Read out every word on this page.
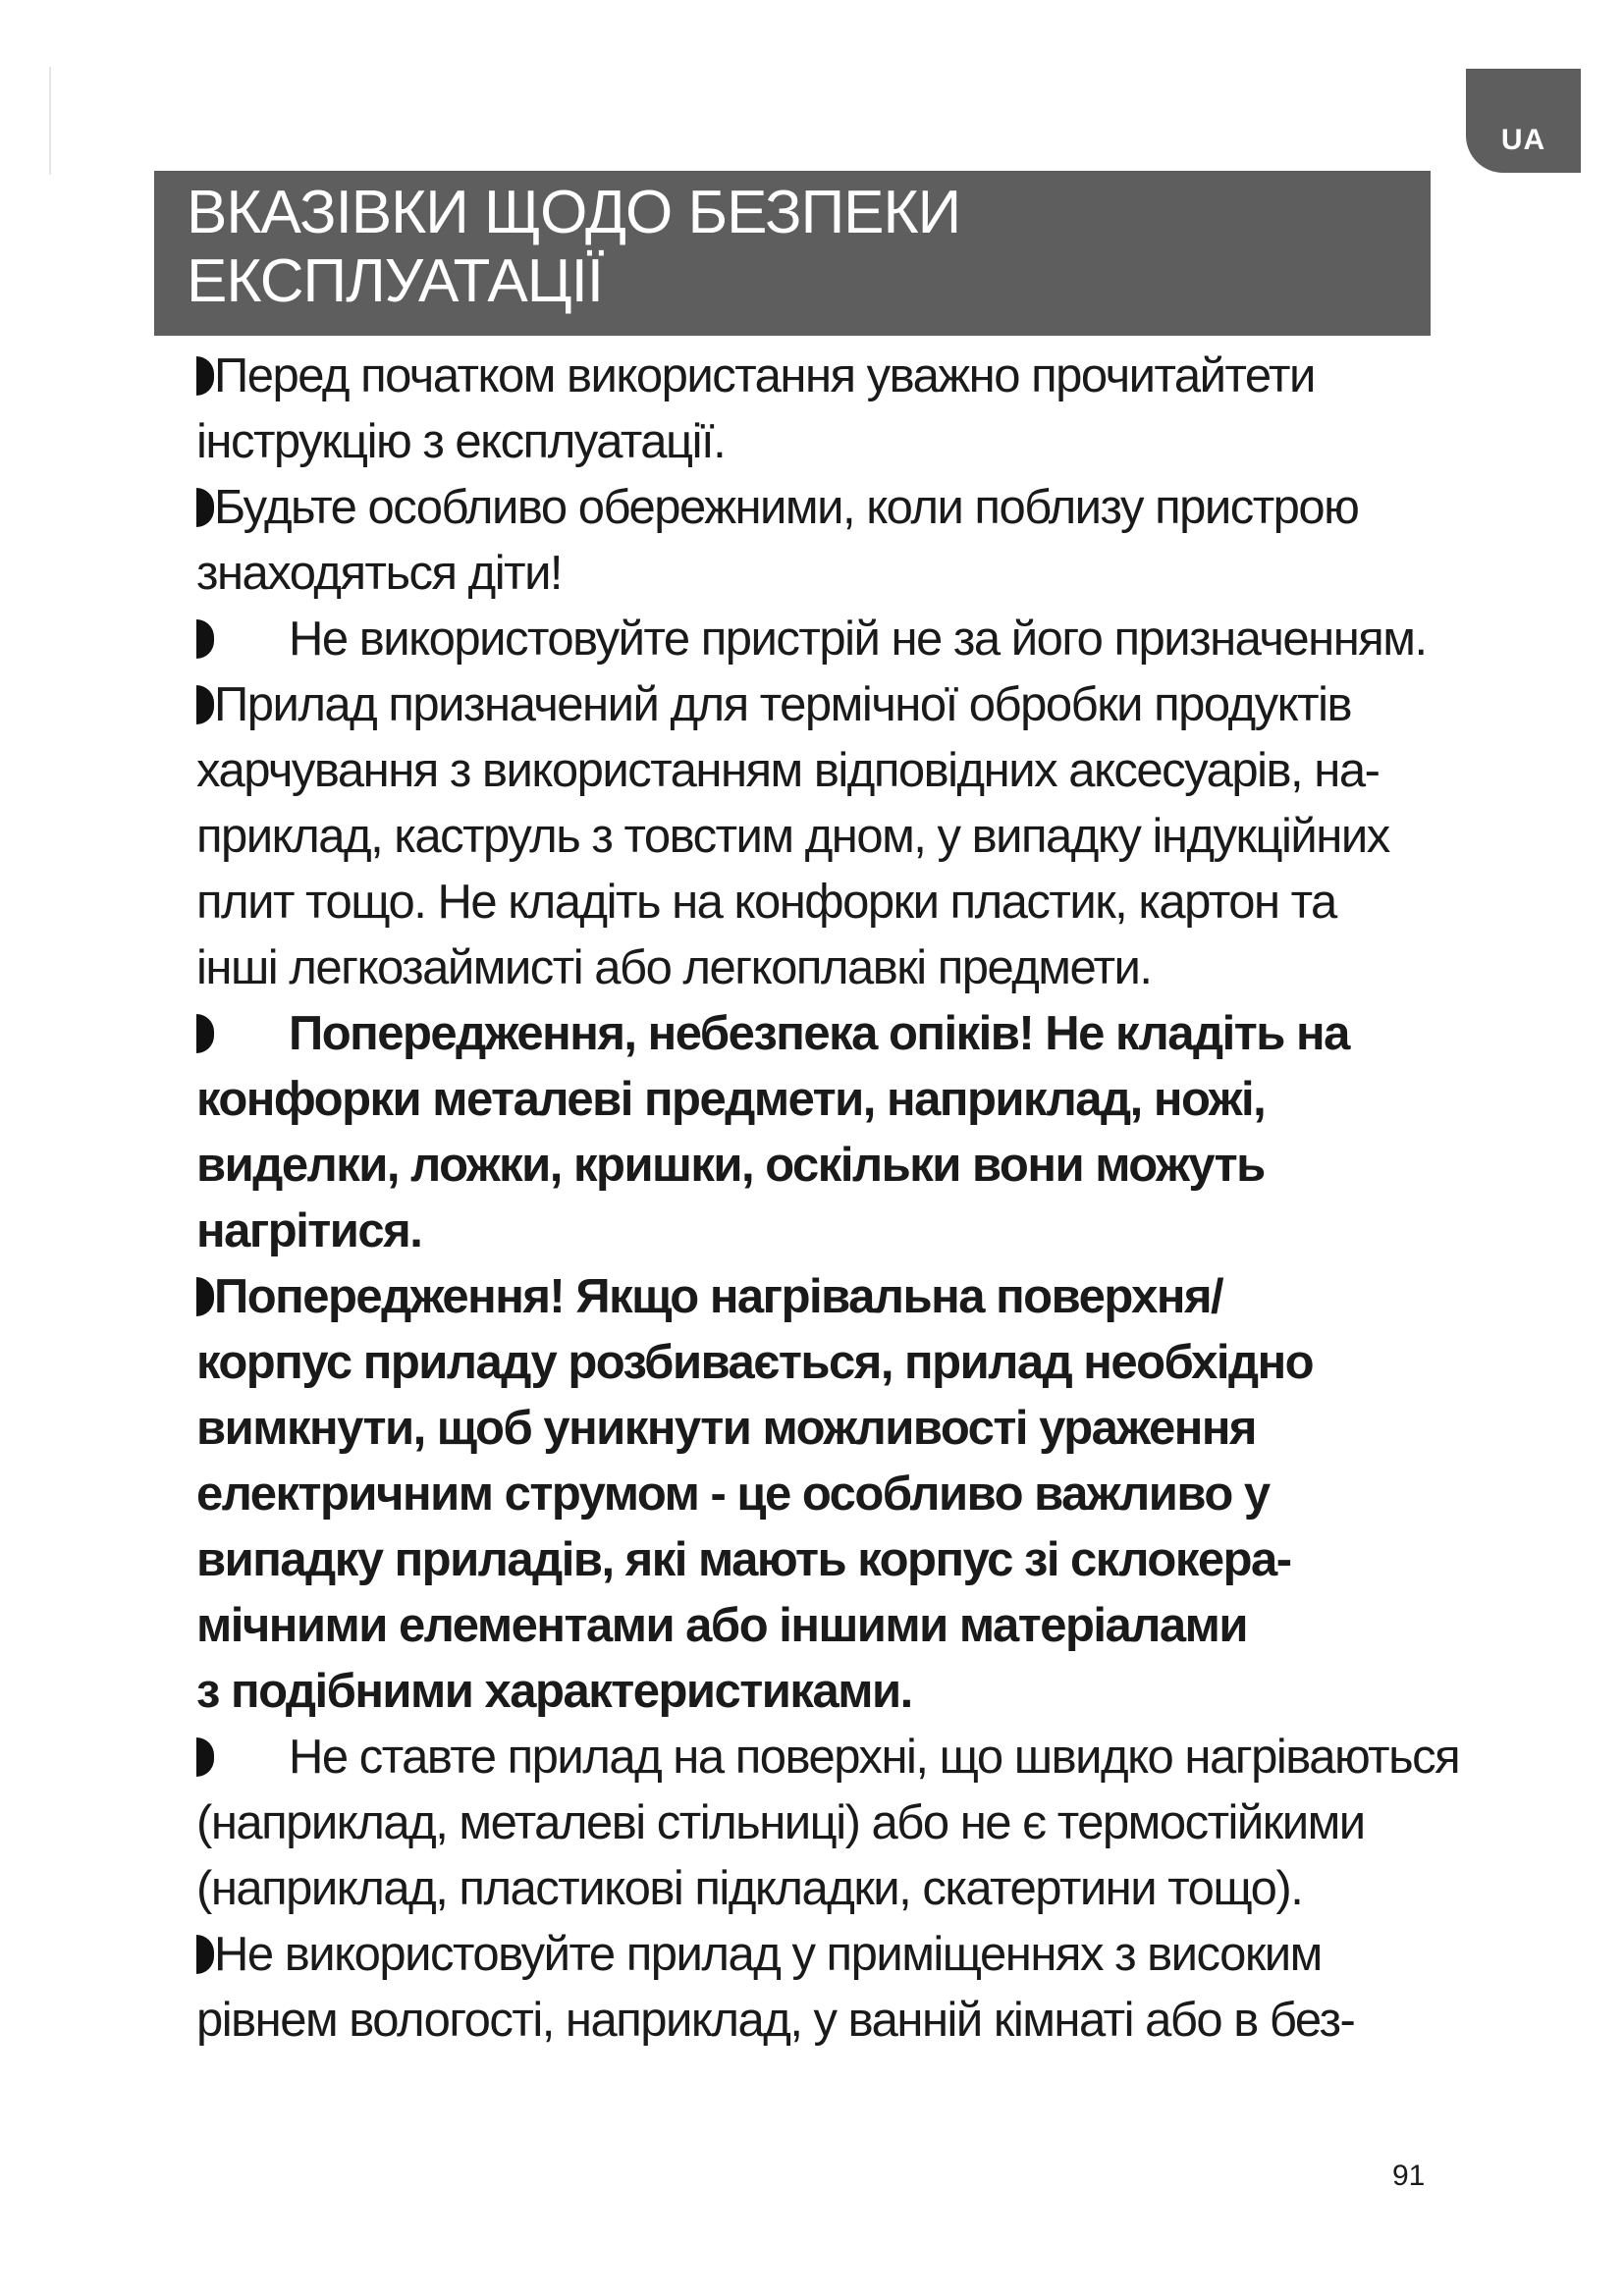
UA
ВКАЗІВКИ ЩОДО БЕЗПЕКИ
ЕКСПЛУАТАЦІЇ

Перед початком використання уважно прочитайтети
інструкцію з експлуатації.

Будьте особливо обережними, коли поблизу пристрою
знаходяться діти!

Не використовуйте пристрій не за його призначенням.

Прилад призначений для термічної обробки продуктів
харчування з використанням відповідних аксесуарів, на-
приклад, каструль з товстим дном, у випадку індукційних
плит тощо. Не кладіть на конфорки пластик, картон та
інші легкозаймисті або легкоплавкі предмети.

Попередження, небезпека опіків! Не кладіть на
конфорки металеві предмети, наприклад, ножі,
виделки, ложки, кришки, оскільки вони можуть
нагрітися.

Попередження! Якщо нагрівальна поверхня/
корпус приладу розбивається, прилад необхідно
вимкнути, щоб уникнути можливості ураження
електричним струмом - це особливо важливо у
випадку приладів, які мають корпус зі склокера-
мічними елементами або іншими матеріалами
з подібними характеристиками.

Не ставте прилад на поверхні, що швидко нагріваються
(наприклад, металеві стільниці) або не є термостійкими
(наприклад, пластикові підкладки, скатертини тощо).

Не використовуйте прилад у приміщеннях з високим
рівнем вологості, наприклад, у ванній кімнаті або в без-

91
